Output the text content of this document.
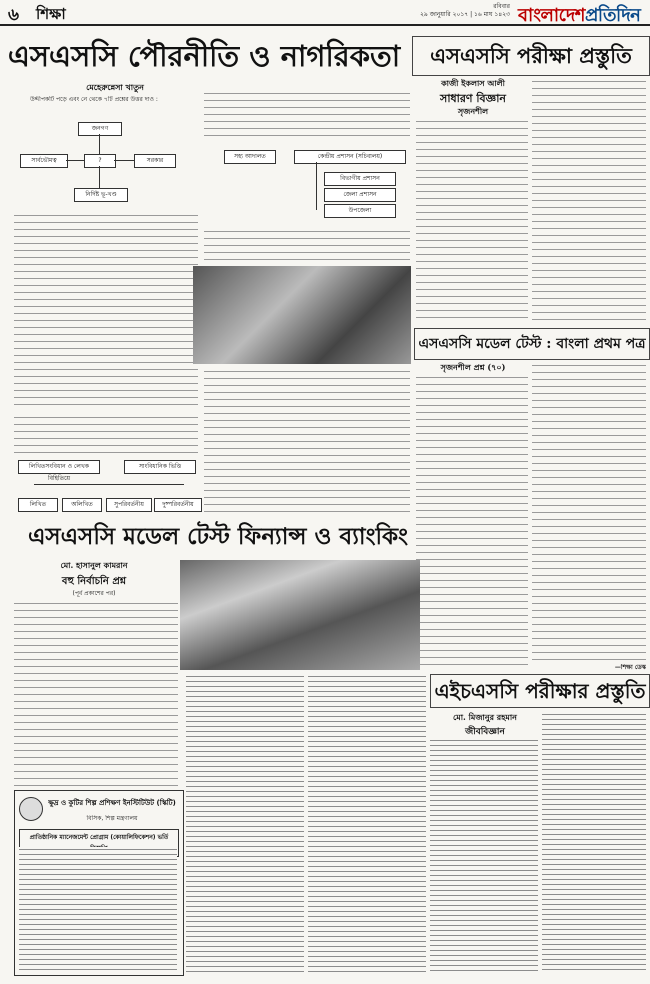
৬ শিক্ষা	রবিবার
২৯ জানুয়ারি ২০১৭ | ১৬ মাঘ ১৪২৩ বাংলাদেশপ্রতিদিন
এসএসসি পৌরনীতি ও নাগরিকতা
মেহেরুন্নেসা খাতুন
উদ্দীপকটি পড়ে এবং নে থেকে ৭টি প্রশ্নের উত্তর দাও :
জনগণ
?
সার্বভৌমত্ব	সরকার
নির্দিষ্ট ভূ-খণ্ড
সহ্য আদালত	কেন্দ্রীয় প্রশাসন (সচিবালয়)
বিভাগীয় প্রশাসন
জেলা প্রশাসন
উপজেলা
লিখিতসংবিধান ও লেখক বিহিতিয়ে
সাংবিধানিক ভিত্তি
লিখিত	অলিখিত	সুপরিবর্তনীয়	দুষ্পরিবর্তনীয়
এসএসসি পরীক্ষা প্রস্তুতি
কাজী ইকলাস আলী
সাধারণ বিজ্ঞান
সৃজনশীল
এসএসসি মডেল টেস্ট : বাংলা প্রথম পত্র
সৃজনশীল প্রশ্ন (৭০)
—শিক্ষা ডেস্ক
এসএসসি মডেল টেস্ট ফিন্যান্স ও ব্যাংকিং
মো. হাসানুল কামরান
বহু নির্বাচনি প্রশ্ন
(পূর্ব প্রকাশের পর)
ক্ষুদ্র ও কুটির শিল্প প্রশিক্ষণ ইনস্টিটিউট (স্কিটি)
বিসিক, শিল্প মন্ত্রণালয়
প্রাতিষ্ঠানিক ম্যানেজমেন্ট প্রোগ্রাম (কোয়ালিফিকেশন) ভর্তি
এইচএসসি পরীক্ষার প্রস্তুতি
মো. মিজানুর রহমান
জীববিজ্ঞান
